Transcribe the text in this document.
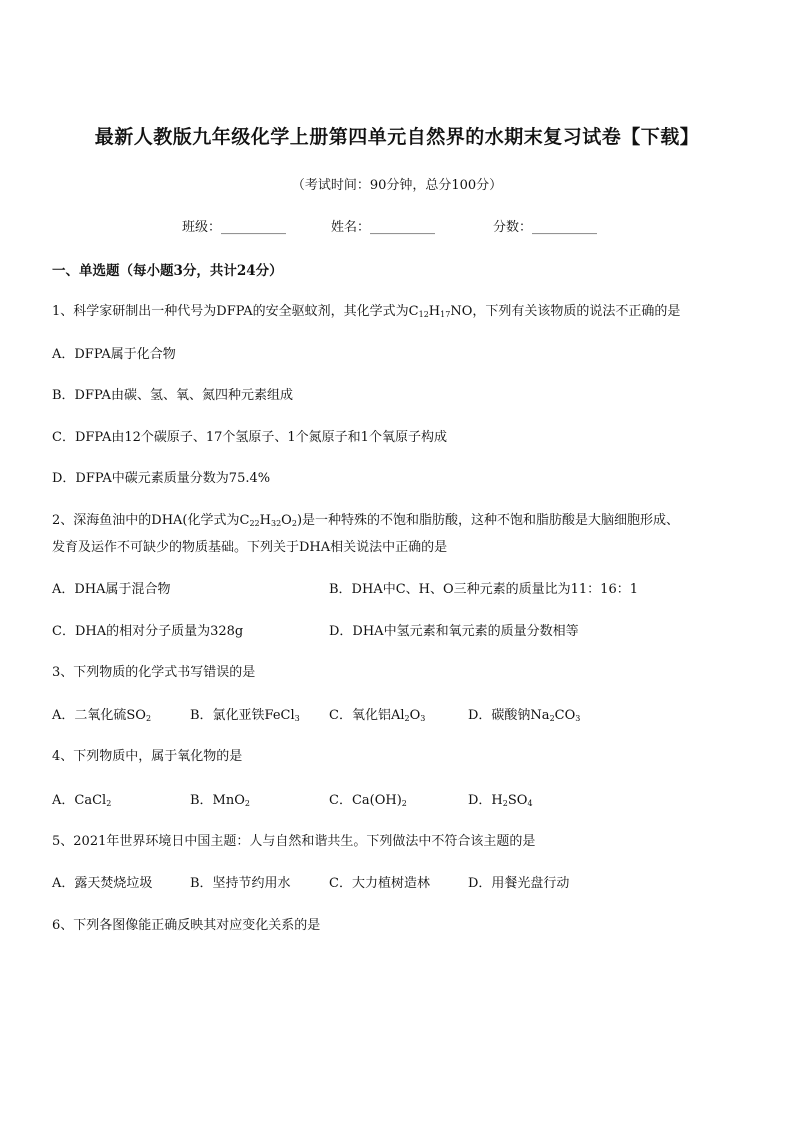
最新人教版九年级化学上册第四单元自然界的水期末复习试卷【下载】
（考试时间：90分钟，总分100分）
班级：__________	姓名：__________	分数：__________
一、单选题（每小题3分，共计24分）
1、科学家研制出一种代号为DFPA的安全驱蚊剂，其化学式为$C_{12}H_{17}NO$，下列有关该物质的说法不正确的是
A．DFPA属于化合物
B．DFPA由碳、氢、氧、氮四种元素组成
C．DFPA由12个碳原子、17个氢原子、1个氮原子和1个氧原子构成
D．DFPA中碳元素质量分数为75.4%
2、深海鱼油中的DHA(化学式为$C_{22}H_{32}O_2$)是一种特殊的不饱和脂肪酸，这种不饱和脂肪酸是大脑细胞形成、
发育及运作不可缺少的物质基础。下列关于DHA相关说法中正确的是
A．DHA属于混合物	B．DHA中C、H、O三种元素的质量比为11：16：1
C．DHA的相对分子质量为328g	D．DHA中氢元素和氧元素的质量分数相等
3、下列物质的化学式书写错误的是
A．二氧化硫$SO_2$	B．氯化亚铁FeCl$_3$ C．氧化铝$Al_2O_3$	D．碳酸钠$Na_2CO_3$
4、下列物质中，属于氧化物的是
A．CaCl$_2$	B．MnO$_2$	C．$Ca(OH)_2$	D．$H_2SO_4$
5、2021年世界环境日中国主题：人与自然和谐共生。下列做法中不符合该主题的是
A．露天焚烧垃圾	B．坚持节约用水	C．大力植树造林	D．用餐光盘行动
6、下列各图像能正确反映其对应变化关系的是
